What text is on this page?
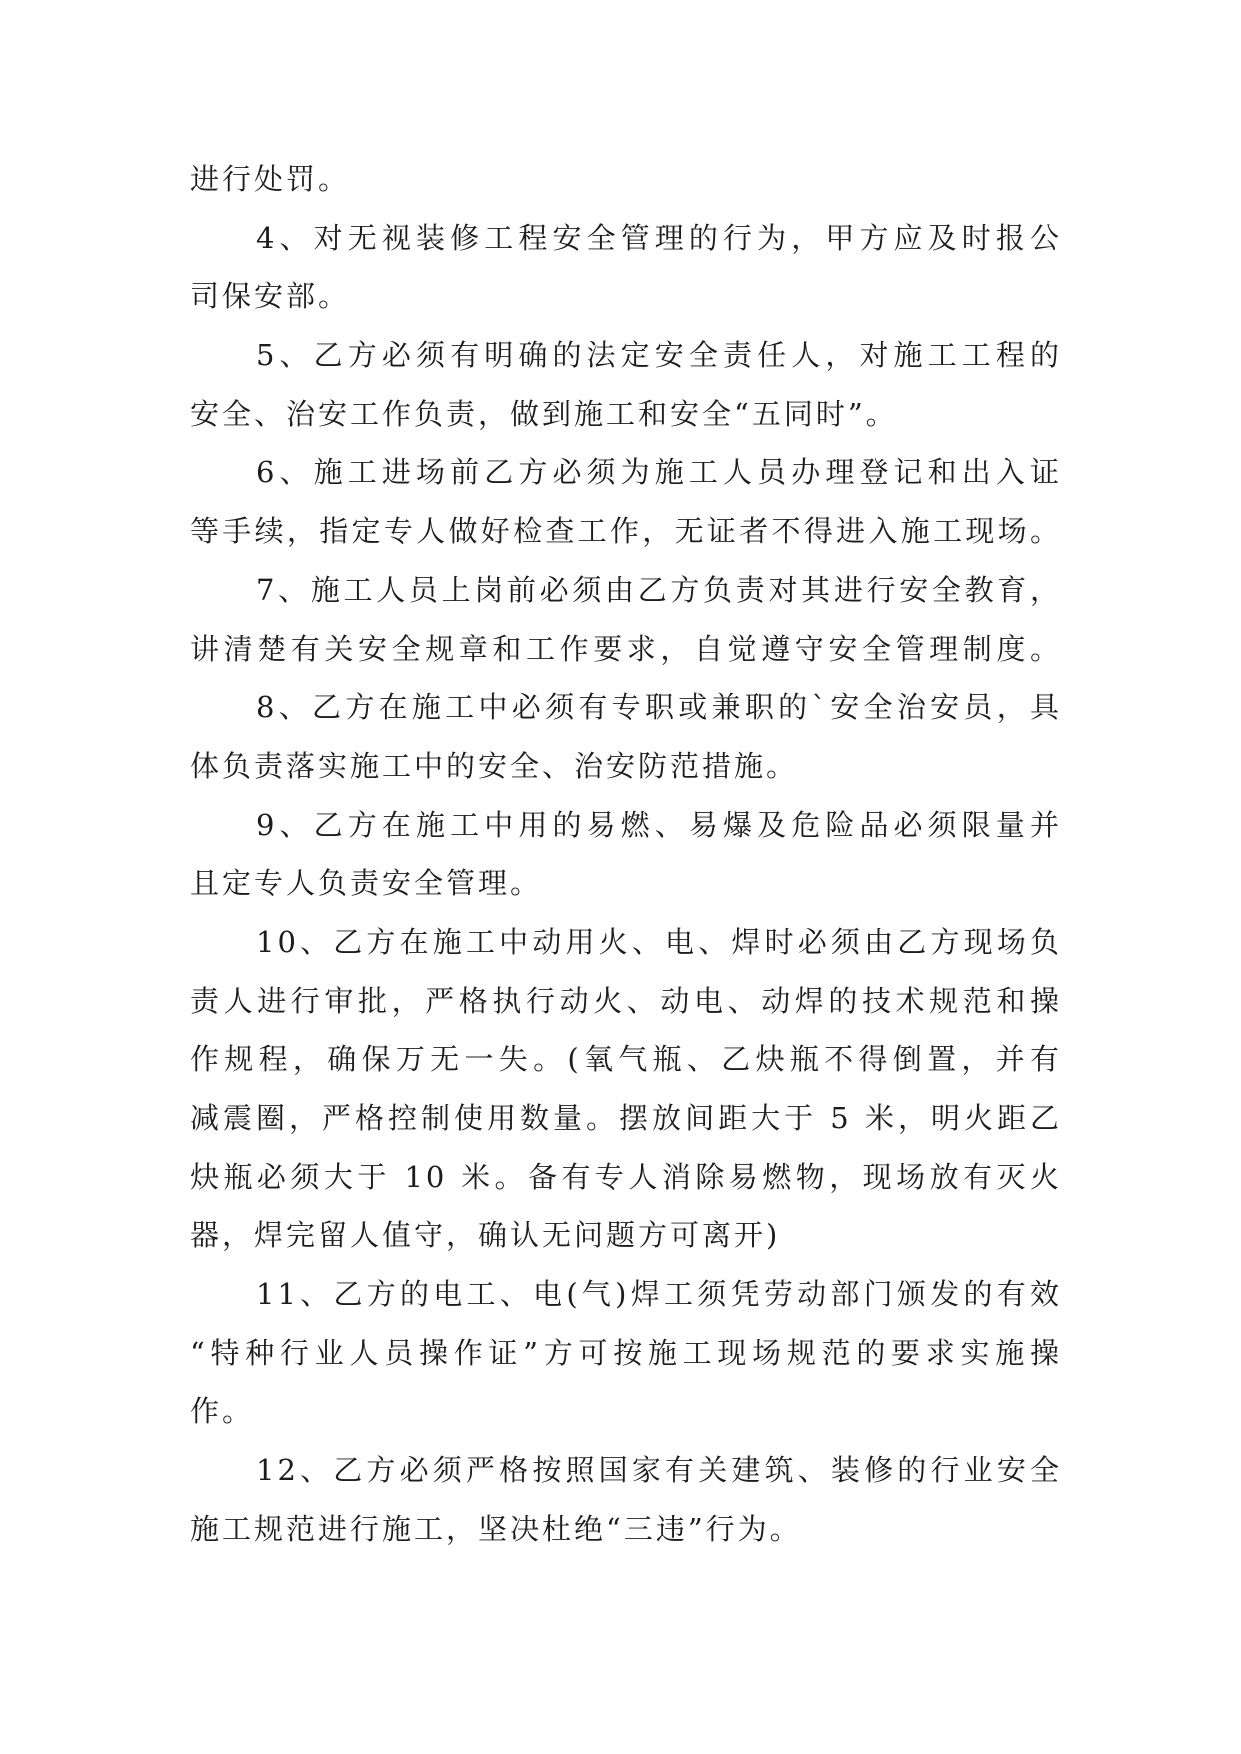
进行处罚。
4、对无视装修工程安全管理的行为，甲方应及时报公
司保安部。
5、乙方必须有明确的法定安全责任人，对施工工程的
安全、治安工作负责，做到施工和安全“五同时”。
6、施工进场前乙方必须为施工人员办理登记和出入证
等手续，指定专人做好检查工作，无证者不得进入施工现场。
7、施工人员上岗前必须由乙方负责对其进行安全教育，
讲清楚有关安全规章和工作要求，自觉遵守安全管理制度。
8、乙方在施工中必须有专职或兼职的`安全治安员，具
体负责落实施工中的安全、治安防范措施。
9、乙方在施工中用的易燃、易爆及危险品必须限量并
且定专人负责安全管理。
10、乙方在施工中动用火、电、焊时必须由乙方现场负
责人进行审批，严格执行动火、动电、动焊的技术规范和操
作规程，确保万无一失。(氧气瓶、乙炔瓶不得倒置，并有
减震圈，严格控制使用数量。摆放间距大于 5 米，明火距乙
炔瓶必须大于 10 米。备有专人消除易燃物，现场放有灭火
器，焊完留人值守，确认无问题方可离开)
11、乙方的电工、电(气)焊工须凭劳动部门颁发的有效
“特种行业人员操作证”方可按施工现场规范的要求实施操
作。
12、乙方必须严格按照国家有关建筑、装修的行业安全
施工规范进行施工，坚决杜绝“三违”行为。
